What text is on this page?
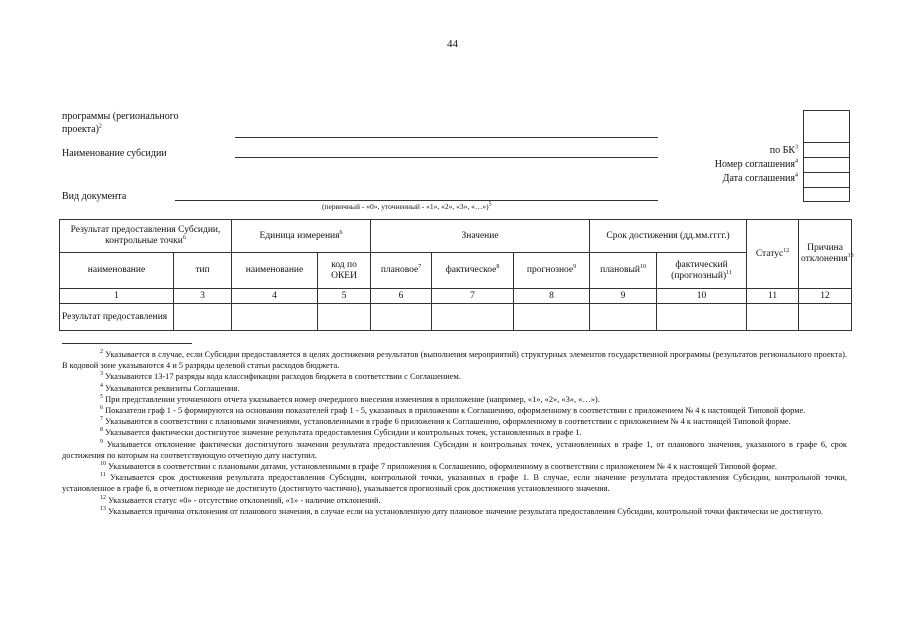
44
программы (регионального
проекта)$^2$
Наименование субсидии
Вид документа
(первичный - «0», уточненный - «1», «2», «3», «…»)$^5$
по $БК^3$
Номер соглашения$^4$
Дата соглашения$^4$
Результат предоставления Субсидии, контрольные точки$^6$		Единица измерения$^6$		Значение			Срок достижения (дд.мм.гггг.)		Статус$^{12}$	Причина отклонения$^{13}$
наименование	тип	наименование	код по ОКЕИ	плановое$^7$	фактическое$^8$	прогнозное$^9$	плановый$^{10}$	фактический (прогнозный)$^{11}$
1	3	4	5	6	7	8	9	10	11	12
Результат предоставления										

$^2$ Указывается в случае, если Субсидия предоставляется в целях достижения результатов (выполнения мероприятий) структурных элементов государственной программы (результатов регионального проекта). В кодовой зоне указываются 4 и 5 разряды целевой статьи расходов бюджета.

$^3$ Указываются 13-17 разряды кода классификации расходов бюджета в соответствии с Соглашением.

$^4$ Указываются реквизиты Соглашения.

$^5$ При представлении уточненного отчета указывается номер очередного внесения изменения в приложение (например, «1», «2», «3», «…»).

$^6$ Показатели граф 1 - 5 формируются на основании показателей граф 1 - 5, указанных в приложении к Соглашению, оформленному в соответствии с приложением № 4 к настоящей Типовой форме.

$^7$ Указываются в соответствии с плановыми значениями, установленными в графе 6 приложения к Соглашению, оформленному в соответствии с приложением № 4 к настоящей Типовой форме.

$^8$ Указывается фактически достигнутое значение результата предоставления Субсидии и контрольных точек, установленных в графе 1.

$^9$ Указывается отклонение фактически достигнутого значения результата предоставления Субсидии и контрольных точек, установленных в графе 1, от планового значения, указанного в графе 6, срок достижения по которым на соответствующую отчетную дату наступил.

$^{10}$ Указываются в соответствии с плановыми датами, установленными в графе 7 приложения к Соглашению, оформленному в соответствии с приложением № 4 к настоящей Типовой форме.

$^{11}$ Указывается срок достижения результата предоставления Субсидии, контрольной точки, указанных в графе 1. В случае, если значение результата предоставления Субсидии, контрольной точки, установленное в графе 6, в отчетном периоде не достигнуто (достигнуто частично), указывается прогнозный срок достижения установленного значения.

$^{12}$ Указывается статус «0» - отсутствие отклонений, «1» - наличие отклонений.

$^{13}$ Указывается причина отклонения от планового значения, в случае если на установленную дату плановое значение результата предоставления Субсидии, контрольной точки фактически не достигнуто.
